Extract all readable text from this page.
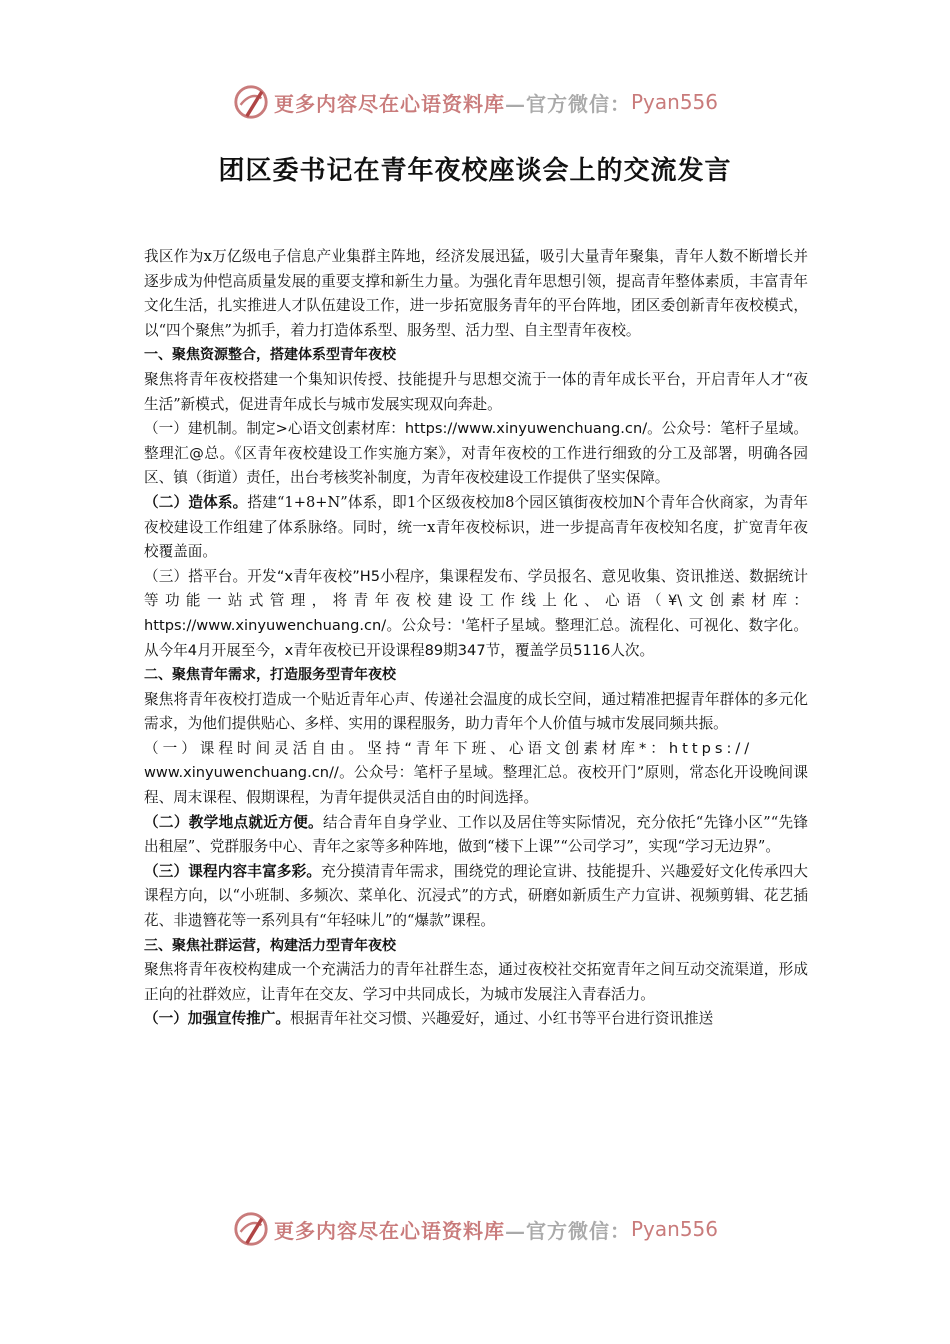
更多内容尽在心语资料库 —官方微信： Pyan556
团区委书记在青年夜校座谈会上的交流发言

我区作为x万亿级电子信息产业集群主阵地，经济发展迅猛，吸引大量青年聚集，青年人数不断增长并逐步成为仲恺高质量发展的重要支撑和新生力量。为强化青年思想引领，提高青年整体素质，丰富青年文化生活，扎实推进人才队伍建设工作，进一步拓宽服务青年的平台阵地，团区委创新青年夜校模式，以“四个聚焦”为抓手，着力打造体系型、服务型、活力型、自主型青年夜校。

一、聚焦资源整合，搭建体系型青年夜校

聚焦将青年夜校搭建一个集知识传授、技能提升与思想交流于一体的青年成长平台，开启青年人才“夜生活”新模式，促进青年成长与城市发展实现双向奔赴。

（一）建机制。制定>心语文创素材库：https://www.xinyuwenchuang.cn/。公众号：笔杆子星域。整理汇@总。《区青年夜校建设工作实施方案》，对青年夜校的工作进行细致的分工及部署，明确各园区、镇（街道）责任，出台考核奖补制度，为青年夜校建设工作提供了坚实保障。

（二）造体系。搭建“1+8+N”体系，即1个区级夜校加8个园区镇街夜校加N个青年合伙商家，为青年夜校建设工作组建了体系脉络。同时，统一x青年夜校标识，进一步提高青年夜校知名度，扩宽青年夜校覆盖面。

（三）搭平台。开发“x青年夜校”H5小程序，集课程发布、学员报名、意见收集、资讯推送、数据统计等功能一站式管理，将青年夜校建设工作线上化、心语（¥\文创素材库：https://www.xinyuwenchuang.cn/。公众号：'笔杆子星域。整理汇总。流程化、可视化、数字化。从今年4月开展至今，x青年夜校已开设课程89期347节，覆盖学员5116人次。

二、聚焦青年需求，打造服务型青年夜校

聚焦将青年夜校打造成一个贴近青年心声、传递社会温度的成长空间，通过精准把握青年群体的多元化需求，为他们提供贴心、多样、实用的课程服务，助力青年个人价值与城市发展同频共振。

（一）课程时间灵活自由。坚持“青年下班、心语文创素材库*：https://

www.xinyuwenchuang.cn//。公众号：笔杆子星域。整理汇总。夜校开门”原则，常态化开设晚间课程、周末课程、假期课程，为青年提供灵活自由的时间选择。

（二）教学地点就近方便。结合青年自身学业、工作以及居住等实际情况，充分依托“先锋小区”“先锋出租屋”、党群服务中心、青年之家等多种阵地，做到“楼下上课”“公司学习”，实现“学习无边界”。

（三）课程内容丰富多彩。充分摸清青年需求，围绕党的理论宣讲、技能提升、兴趣爱好文化传承四大课程方向，以“小班制、多频次、菜单化、沉浸式”的方式，研磨如新质生产力宣讲、视频剪辑、花艺插花、非遗簪花等一系列具有“年轻味儿”的“爆款”课程。

三、聚焦社群运营，构建活力型青年夜校

聚焦将青年夜校构建成一个充满活力的青年社群生态，通过夜校社交拓宽青年之间互动交流渠道，形成正向的社群效应，让青年在交友、学习中共同成长，为城市发展注入青春活力。

（一）加强宣传推广。根据青年社交习惯、兴趣爱好，通过、小红书等平台进行资讯推送

更多内容尽在心语资料库 —官方微信： Pyan556
